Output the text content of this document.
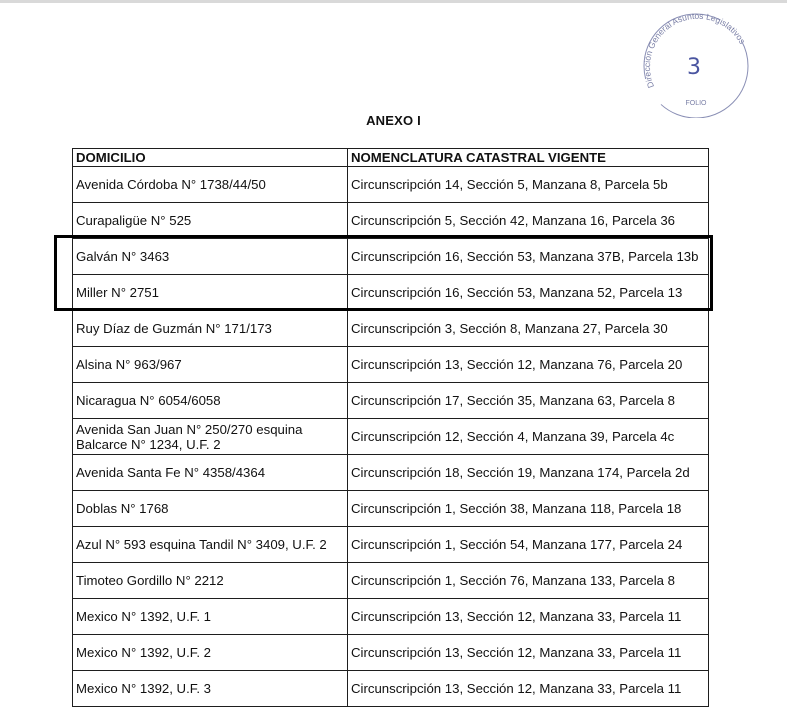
Dirección General Asuntos Legislativos
3
FOLIO
ANEXO I
DOMICILIO	NOMENCLATURA CATASTRAL VIGENTE
Avenida Córdoba N° 1738/44/50	Circunscripción 14, Sección 5, Manzana 8, Parcela 5b
Curapaligüe N° 525	Circunscripción 5, Sección 42, Manzana 16, Parcela 36
Galván N° 3463	Circunscripción 16, Sección 53, Manzana 37B, Parcela 13b
Miller N° 2751	Circunscripción 16, Sección 53, Manzana 52, Parcela 13
Ruy Díaz de Guzmán N° 171/173	Circunscripción 3, Sección 8, Manzana 27, Parcela 30
Alsina N° 963/967	Circunscripción 13, Sección 12, Manzana 76, Parcela 20
Nicaragua N° 6054/6058	Circunscripción 17, Sección 35, Manzana 63, Parcela 8
Avenida San Juan N° 250/270 esquina Balcarce N° 1234, U.F. 2	Circunscripción 12, Sección 4, Manzana 39, Parcela 4c
Avenida Santa Fe N° 4358/4364	Circunscripción 18, Sección 19, Manzana 174, Parcela 2d
Doblas N° 1768	Circunscripción 1, Sección 38, Manzana 118, Parcela 18
Azul N° 593 esquina Tandil N° 3409, U.F. 2	Circunscripción 1, Sección 54, Manzana 177, Parcela 24
Timoteo Gordillo N° 2212	Circunscripción 1, Sección 76, Manzana 133, Parcela 8
Mexico N° 1392, U.F. 1	Circunscripción 13, Sección 12, Manzana 33, Parcela 11
Mexico N° 1392, U.F. 2	Circunscripción 13, Sección 12, Manzana 33, Parcela 11
Mexico N° 1392, U.F. 3	Circunscripción 13, Sección 12, Manzana 33, Parcela 11
